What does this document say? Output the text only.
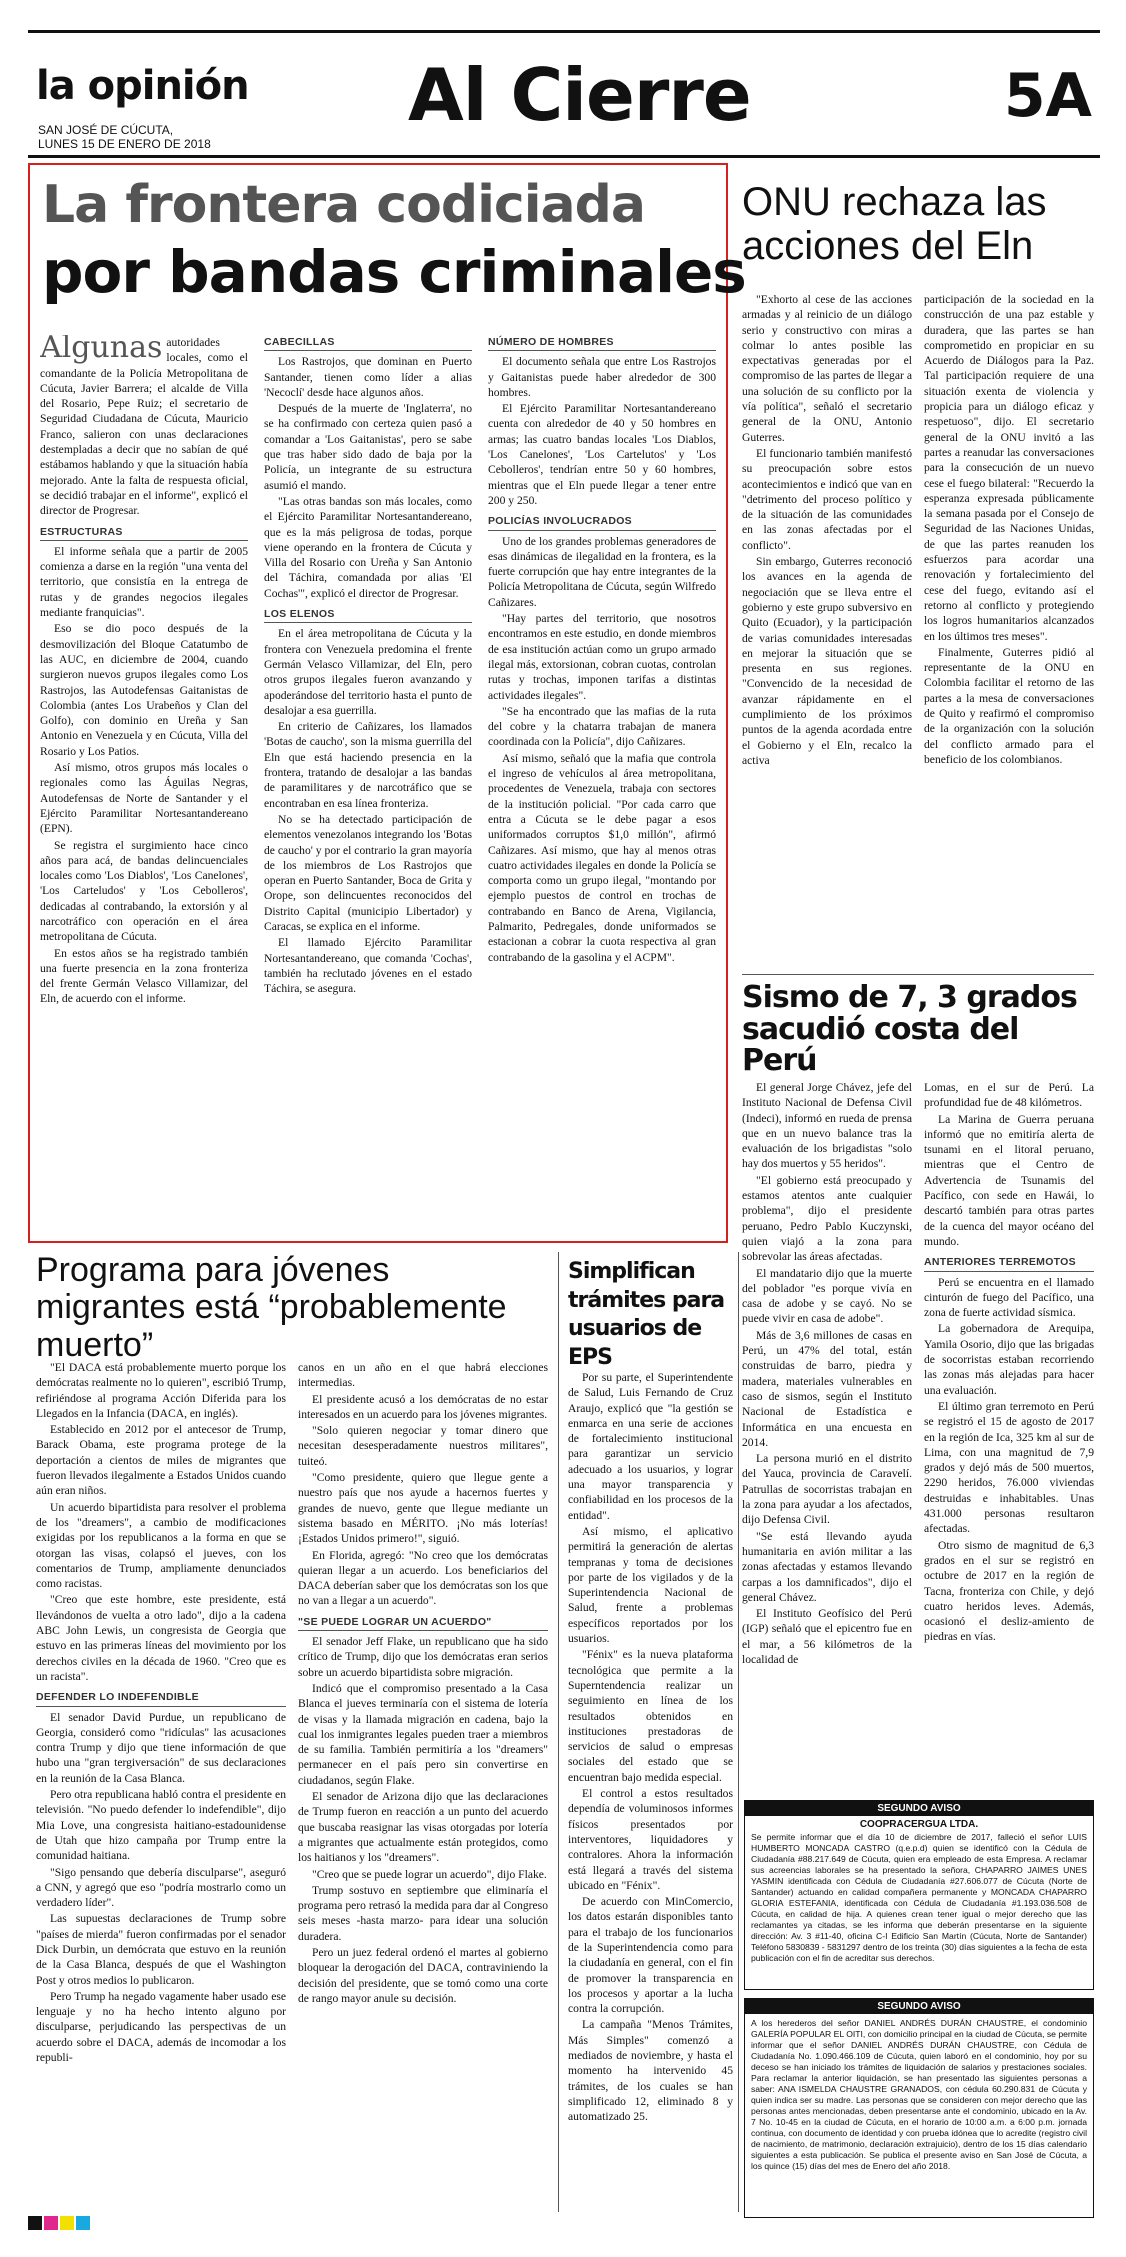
la opinión
SAN JOSÉ DE CÚCUTA,
LUNES 15 DE ENERO DE 2018
Al Cierre	5A
La frontera codiciada
por bandas criminales
Algunas autoridades locales, como el comandante de la Policía Metropolitana de Cúcuta, Javier Barrera; el alcalde de Villa del Rosario, Pepe Ruiz; el secretario de Seguridad Ciudadana de Cúcuta, Mauricio Franco, salieron con unas declaraciones destempladas a decir que no sabían de qué estábamos hablando y que la situación había mejorado. Ante la falta de respuesta oficial, se decidió trabajar en el informe", explicó el director de Progresar.

ESTRUCTURAS

El informe señala que a partir de 2005 comienza a darse en la región "una venta del territorio, que consistía en la entrega de rutas y de grandes negocios ilegales mediante franquicias".

Eso se dio poco después de la desmovilización del Bloque Catatumbo de las AUC, en diciembre de 2004, cuando surgieron nuevos grupos ilegales como Los Rastrojos, las Autodefensas Gaitanistas de Colombia (antes Los Urabeños y Clan del Golfo), con dominio en Ureña y San Antonio en Venezuela y en Cúcuta, Villa del Rosario y Los Patios.

Así mismo, otros grupos más locales o regionales como las Águilas Negras, Autodefensas de Norte de Santander y el Ejército Paramilitar Nortesantandereano (EPN).

Se registra el surgimiento hace cinco años para acá, de bandas delincuenciales locales como 'Los Diablos', 'Los Canelones', 'Los Carteludos' y 'Los Cebolleros', dedicadas al contrabando, la extorsión y al narcotráfico con operación en el área metropolitana de Cúcuta.

En estos años se ha registrado también una fuerte presencia en la zona fronteriza del frente Germán Velasco Villamizar, del Eln, de acuerdo con el informe.

CABECILLAS

Los Rastrojos, que dominan en Puerto Santander, tienen como líder a alias 'Necoclí' desde hace algunos años.

Después de la muerte de 'Inglaterra', no se ha confirmado con certeza quien pasó a comandar a 'Los Gaitanistas', pero se sabe que tras haber sido dado de baja por la Policía, un integrante de su estructura asumió el mando.

"Las otras bandas son más locales, como el Ejército Paramilitar Nortesantandereano, que es la más peligrosa de todas, porque viene operando en la frontera de Cúcuta y Villa del Rosario con Ureña y San Antonio del Táchira, comandada por alias 'El Cochas'", explicó el director de Progresar.

LOS ELENOS

En el área metropolitana de Cúcuta y la frontera con Venezuela predomina el frente Germán Velasco Villamizar, del Eln, pero otros grupos ilegales fueron avanzando y apoderándose del territorio hasta el punto de desalojar a esa guerrilla.

En criterio de Cañizares, los llamados 'Botas de caucho', son la misma guerrilla del Eln que está haciendo presencia en la frontera, tratando de desalojar a las bandas de paramilitares y de narcotráfico que se encontraban en esa línea fronteriza.

No se ha detectado participación de elementos venezolanos integrando los 'Botas de caucho' y por el contrario la gran mayoría de los miembros de Los Rastrojos que operan en Puerto Santander, Boca de Grita y Orope, son delincuentes reconocidos del Distrito Capital (municipio Libertador) y Caracas, se explica en el informe.

El llamado Ejército Paramilitar Nortesantandereano, que comanda 'Cochas', también ha reclutado jóvenes en el estado Táchira, se asegura.

NÚMERO DE HOMBRES

El documento señala que entre Los Rastrojos y Gaitanistas puede haber alrededor de 300 hombres.

El Ejército Paramilitar Nortesantandereano cuenta con alrededor de 40 y 50 hombres en armas; las cuatro bandas locales 'Los Diablos, 'Los Canelones', 'Los Cartelutos' y 'Los Cebolleros', tendrían entre 50 y 60 hombres, mientras que el Eln puede llegar a tener entre 200 y 250.

POLICÍAS INVOLUCRADOS

Uno de los grandes problemas generadores de esas dinámicas de ilegalidad en la frontera, es la fuerte corrupción que hay entre integrantes de la Policía Metropolitana de Cúcuta, según Wilfredo Cañizares.

"Hay partes del territorio, que nosotros encontramos en este estudio, en donde miembros de esa institución actúan como un grupo armado ilegal más, extorsionan, cobran cuotas, controlan rutas y trochas, imponen tarifas a distintas actividades ilegales".

"Se ha encontrado que las mafias de la ruta del cobre y la chatarra trabajan de manera coordinada con la Policía", dijo Cañizares.

Así mismo, señaló que la mafia que controla el ingreso de vehículos al área metropolitana, procedentes de Venezuela, trabaja con sectores de la institución policial. "Por cada carro que entra a Cúcuta se le debe pagar a esos uniformados corruptos $1,0 millón", afirmó Cañizares. Así mismo, que hay al menos otras cuatro actividades ilegales en donde la Policía se comporta como un grupo ilegal, "montando por ejemplo puestos de control en trochas de contrabando en Banco de Arena, Vigilancia, Palmarito, Pedregales, donde uniformados se estacionan a cobrar la cuota respectiva al gran contrabando de la gasolina y el ACPM".

ONU rechaza las acciones del Eln

"Exhorto al cese de las acciones armadas y al reinicio de un diálogo serio y constructivo con miras a colmar lo antes posible las expectativas generadas por el compromiso de las partes de llegar a una solución de su conflicto por la vía política", señaló el secretario general de la ONU, Antonio Guterres.

El funcionario también manifestó su preocupación sobre estos acontecimientos e indicó que van en "detrimento del proceso político y de la situación de las comunidades en las zonas afectadas por el conflicto".

Sin embargo, Guterres reconoció los avances en la agenda de negociación que se lleva entre el gobierno y este grupo subversivo en Quito (Ecuador), y la participación de varias comunidades interesadas en mejorar la situación que se presenta en sus regiones. "Convencido de la necesidad de avanzar rápidamente en el cumplimiento de los próximos puntos de la agenda acordada entre el Gobierno y el Eln, recalco la activa

participación de la sociedad en la construcción de una paz estable y duradera, que las partes se han comprometido en propiciar en su Acuerdo de Diálogos para la Paz. Tal participación requiere de una situación exenta de violencia y propicia para un diálogo eficaz y respetuoso", dijo. El secretario general de la ONU invitó a las partes a reanudar las conversaciones para la consecución de un nuevo cese el fuego bilateral: "Recuerdo la esperanza expresada públicamente la semana pasada por el Consejo de Seguridad de las Naciones Unidas, de que las partes reanuden los esfuerzos para acordar una renovación y fortalecimiento del cese del fuego, evitando así el retorno al conflicto y protegiendo los logros humanitarios alcanzados en los últimos tres meses".

Finalmente, Guterres pidió al representante de la ONU en Colombia facilitar el retorno de las partes a la mesa de conversaciones de Quito y reafirmó el compromiso de la organización con la solución del conflicto armado para el beneficio de los colombianos.

Sismo de 7, 3 grados sacudió costa del Perú

El general Jorge Chávez, jefe del Instituto Nacional de Defensa Civil (Indeci), informó en rueda de prensa que en un nuevo balance tras la evaluación de los brigadistas "solo hay dos muertos y 55 heridos".

"El gobierno está preocupado y estamos atentos ante cualquier problema", dijo el presidente peruano, Pedro Pablo Kuczynski, quien viajó a la zona para sobrevolar las áreas afectadas.

El mandatario dijo que la muerte del poblador "es porque vivía en casa de adobe y se cayó. No se puede vivir en casa de adobe".

Más de 3,6 millones de casas en Perú, un 47% del total, están construidas de barro, piedra y madera, materiales vulnerables en caso de sismos, según el Instituto Nacional de Estadística e Informática en una encuesta en 2014.

La persona murió en el distrito del Yauca, provincia de Caravelí. Patrullas de socorristas trabajan en la zona para ayudar a los afectados, dijo Defensa Civil.

"Se está llevando ayuda humanitaria en avión militar a las zonas afectadas y estamos llevando carpas a los damnificados", dijo el general Chávez.

El Instituto Geofísico del Perú (IGP) señaló que el epicentro fue en el mar, a 56 kilómetros de la localidad de

Lomas, en el sur de Perú. La profundidad fue de 48 kilómetros.

La Marina de Guerra peruana informó que no emitiría alerta de tsunami en el litoral peruano, mientras que el Centro de Advertencia de Tsunamis del Pacífico, con sede en Hawái, lo descartó también para otras partes de la cuenca del mayor océano del mundo.

ANTERIORES TERREMOTOS

Perú se encuentra en el llamado cinturón de fuego del Pacífico, una zona de fuerte actividad sísmica.

La gobernadora de Arequipa, Yamila Osorio, dijo que las brigadas de socorristas estaban recorriendo las zonas más alejadas para hacer una evaluación.

El último gran terremoto en Perú se registró el 15 de agosto de 2017 en la región de Ica, 325 km al sur de Lima, con una magnitud de 7,9 grados y dejó más de 500 muertos, 2290 heridos, 76.000 viviendas destruidas e inhabitables. Unas 431.000 personas resultaron afectadas.

Otro sismo de magnitud de 6,3 grados en el sur se registró en octubre de 2017 en la región de Tacna, fronteriza con Chile, y dejó cuatro heridos leves. Además, ocasionó el desliz-amiento de piedras en vías.

Programa para jóvenes migrantes está “probablemente muerto”

"El DACA está probablemente muerto porque los demócratas realmente no lo quieren", escribió Trump, refiriéndose al programa Acción Diferida para los Llegados en la Infancia (DACA, en inglés).

Establecido en 2012 por el antecesor de Trump, Barack Obama, este programa protege de la deportación a cientos de miles de migrantes que fueron llevados ilegalmente a Estados Unidos cuando aún eran niños.

Un acuerdo bipartidista para resolver el problema de los "dreamers", a cambio de modificaciones exigidas por los republicanos a la forma en que se otorgan las visas, colapsó el jueves, con los comentarios de Trump, ampliamente denunciados como racistas.

"Creo que este hombre, este presidente, está llevándonos de vuelta a otro lado", dijo a la cadena ABC John Lewis, un congresista de Georgia que estuvo en las primeras líneas del movimiento por los derechos civiles en la década de 1960. "Creo que es un racista".

DEFENDER LO INDEFENDIBLE

El senador David Purdue, un republicano de Georgia, consideró como "ridículas" las acusaciones contra Trump y dijo que tiene información de que hubo una "gran tergiversación" de sus declaraciones en la reunión de la Casa Blanca.

Pero otra republicana habló contra el presidente en televisión. "No puedo defender lo indefendible", dijo Mia Love, una congresista haitiano-estadounidense de Utah que hizo campaña por Trump entre la comunidad haitiana.

"Sigo pensando que debería disculparse", aseguró a CNN, y agregó que eso "podría mostrarlo como un verdadero líder".

Las supuestas declaraciones de Trump sobre "países de mierda" fueron confirmadas por el senador Dick Durbin, un demócrata que estuvo en la reunión de la Casa Blanca, después de que el Washington Post y otros medios lo publicaron.

Pero Trump ha negado vagamente haber usado ese lenguaje y no ha hecho intento alguno por disculparse, perjudicando las perspectivas de un acuerdo sobre el DACA, además de incomodar a los republi-

canos en un año en el que habrá elecciones intermedias.

El presidente acusó a los demócratas de no estar interesados en un acuerdo para los jóvenes migrantes.

"Solo quieren negociar y tomar dinero que necesitan desesperadamente nuestros militares", tuiteó.

"Como presidente, quiero que llegue gente a nuestro país que nos ayude a hacernos fuertes y grandes de nuevo, gente que llegue mediante un sistema basado en MÉRITO. ¡No más loterías! ¡Estados Unidos primero!", siguió.

En Florida, agregó: "No creo que los demócratas quieran llegar a un acuerdo. Los beneficiarios del DACA deberían saber que los demócratas son los que no van a llegar a un acuerdo".

"SE PUEDE LOGRAR UN ACUERDO"

El senador Jeff Flake, un republicano que ha sido crítico de Trump, dijo que los demócratas eran serios sobre un acuerdo bipartidista sobre migración.

Indicó que el compromiso presentado a la Casa Blanca el jueves terminaría con el sistema de lotería de visas y la llamada migración en cadena, bajo la cual los inmigrantes legales pueden traer a miembros de su familia. También permitiría a los "dreamers" permanecer en el país pero sin convertirse en ciudadanos, según Flake.

El senador de Arizona dijo que las declaraciones de Trump fueron en reacción a un punto del acuerdo que buscaba reasignar las visas otorgadas por lotería a migrantes que actualmente están protegidos, como los haitianos y los "dreamers".

"Creo que se puede lograr un acuerdo", dijo Flake.

Trump sostuvo en septiembre que eliminaría el programa pero retrasó la medida para dar al Congreso seis meses -hasta marzo- para idear una solución duradera.

Pero un juez federal ordenó el martes al gobierno bloquear la derogación del DACA, contraviniendo la decisión del presidente, que se tomó como una corte de rango mayor anule su decisión.

Simplifican trámites para usuarios de EPS

Por su parte, el Superintendente de Salud, Luis Fernando de Cruz Araujo, explicó que "la gestión se enmarca en una serie de acciones de fortalecimiento institucional para garantizar un servicio adecuado a los usuarios, y lograr una mayor transparencia y confiabilidad en los procesos de la entidad".

Así mismo, el aplicativo permitirá la generación de alertas tempranas y toma de decisiones por parte de los vigilados y de la Superintendencia Nacional de Salud, frente a problemas específicos reportados por los usuarios.

"Fénix" es la nueva plataforma tecnológica que permite a la Superntendencia realizar un seguimiento en línea de los resultados obtenidos en instituciones prestadoras de servicios de salud o empresas sociales del estado que se encuentran bajo medida especial.

El control a estos resultados dependía de voluminosos informes físicos presentados por interventores, liquidadores y contralores. Ahora la información está llegará a través del sistema ubicado en "Fénix".

De acuerdo con MinComercio, los datos estarán disponibles tanto para el trabajo de los funcionarios de la Superintendencia como para la ciudadanía en general, con el fin de promover la transparencia en los procesos y aportar a la lucha contra la corrupción.

La campaña "Menos Trámites, Más Simples" comenzó a mediados de noviembre, y hasta el momento ha intervenido 45 trámites, de los cuales se han simplificado 12, eliminado 8 y automatizado 25.

SEGUNDO AVISO
COOPRACERGUA LTDA.
Se permite informar que el día 10 de diciembre de 2017, falleció el señor LUIS HUMBERTO MONCADA CASTRO (q.e.p.d) quien se identificó con la Cédula de Ciudadanía #88.217.649 de Cúcuta, quien era empleado de esta Empresa. A reclamar sus acreencias laborales se ha presentado la señora, CHAPARRO JAIMES UNES YASMIN identificada con Cédula de Ciudadanía #27.606.077 de Cúcuta (Norte de Santander) actuando en calidad compañera permanente y MONCADA CHAPARRO GLORIA ESTEFANIA, identificada con Cédula de Ciudadanía #1.193.036.508 de Cúcuta, en calidad de hija. A quienes crean tener igual o mejor derecho que las reclamantes ya citadas, se les informa que deberán presentarse en la siguiente dirección: Av. 3 #11-40, oficina C-I Edificio San Martín (Cúcuta, Norte de Santander) Teléfono 5830839 - 5831297 dentro de los treinta (30) días siguientes a la fecha de esta publicación con el fin de acreditar sus derechos.
SEGUNDO AVISO
A los herederos del señor DANIEL ANDRÉS DURÁN CHAUSTRE, el condominio GALERÍA POPULAR EL OITI, con domicilio principal en la ciudad de Cúcuta, se permite informar que el señor DANIEL ANDRÉS DURÁN CHAUSTRE, con Cédula de Ciudadanía No. 1.090.466.109 de Cúcuta, quien laboró en el condominio, hoy por su deceso se han iniciado los trámites de liquidación de salarios y prestaciones sociales. Para reclamar la anterior liquidación, se han presentado las siguientes personas a saber: ANA ISMELDA CHAUSTRE GRANADOS, con cédula 60.290.831 de Cúcuta y quien indica ser su madre. Las personas que se consideren con mejor derecho que las personas antes mencionadas, deben presentarse ante el condominio, ubicado en la Av. 7 No. 10-45 en la ciudad de Cúcuta, en el horario de 10:00 a.m. a 6:00 p.m. jornada continua, con documento de identidad y con prueba idónea que lo acredite (registro civil de nacimiento, de matrimonio, declaración extrajuicio), dentro de los 15 días calendario siguientes a esta publicación. Se publica el presente aviso en San José de Cúcuta, a los quince (15) días del mes de Enero del año 2018.
